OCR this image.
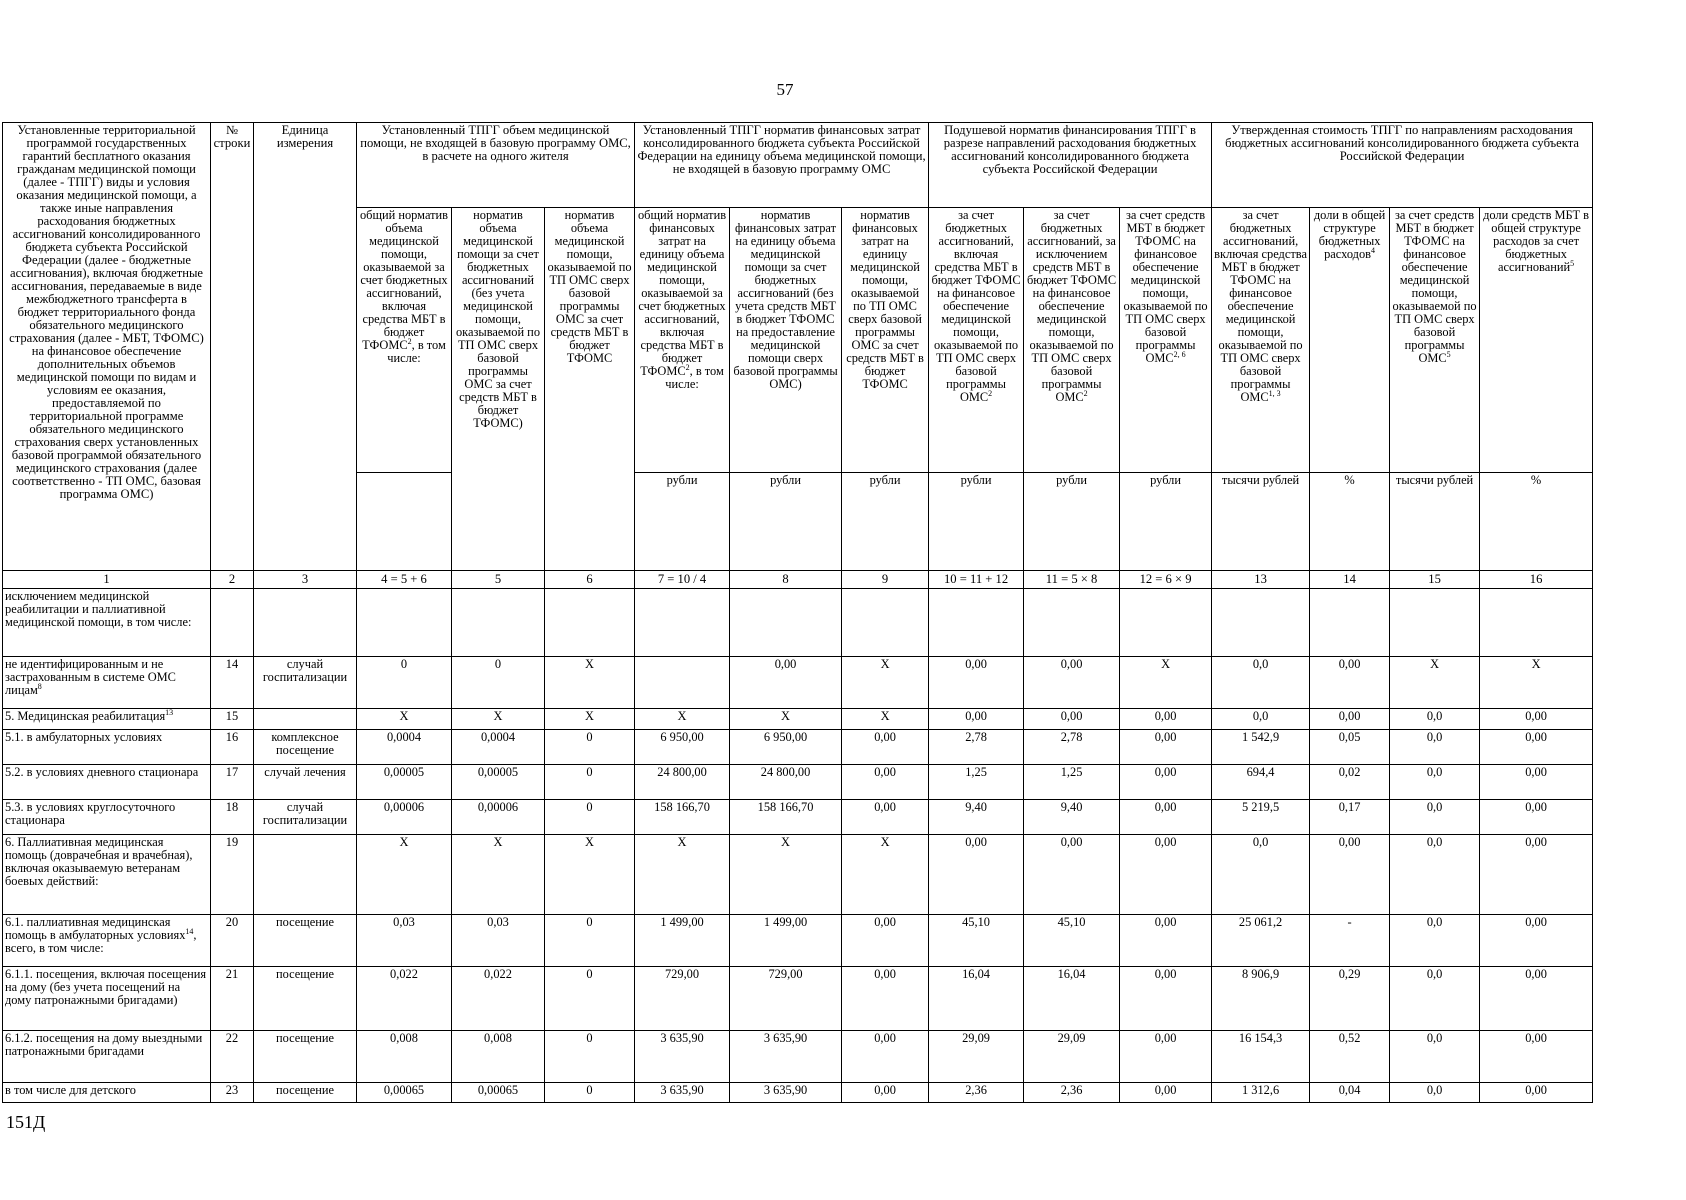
57
Установленные территориальной программой государственных гарантий бесплатного оказания гражданам медицинской помощи (далее - ТПГГ) виды и условия оказания медицинской помощи, а также иные направления расходования бюджетных ассигнований консолидированного бюджета субъекта Российской Федерации (далее - бюджетные ассигнования), включая бюджетные ассигнования, передаваемые в виде межбюджетного трансферта в бюджет территориального фонда обязательного медицинского страхования (далее - МБТ, ТФОМС) на финансовое обеспечение дополнительных объемов медицинской помощи по видам и условиям ее оказания, предоставляемой по территориальной программе обязательного медицинского страхования сверх установленных базовой программой обязательного медицинского страхования (далее соответственно - ТП ОМС, базовая программа ОМС)	№ строки	Единица измерения	Установленный ТПГГ объем медицинской помощи, не входящей в базовую программу ОМС, в расчете на одного жителя			Установленный ТПГГ норматив финансовых затрат консолидированного бюджета субъекта Российской Федерации на единицу объема медицинской помощи, не входящей в базовую программу ОМС			Подушевой норматив финансирования ТПГГ в разрезе направлений расходования бюджетных ассигнований консолидированного бюджета субъекта Российской Федерации			Утвержденная стоимость ТПГГ по направлениям расходования бюджетных ассигнований консолидированного бюджета субъекта Российской Федерации			
			общий норматив объема медицинской помощи, оказываемой за счет бюджетных ассигнований, включая средства МБТ в бюджет ТФОМС$^2$, в том числе:	норматив объема медицинской помощи за счет бюджетных ассигнований (без учета медицинской помощи, оказываемой по ТП ОМС сверх базовой программы ОМС за счет средств МБТ в бюджет ТФОМС)	норматив объема медицинской помощи, оказываемой по ТП ОМС сверх базовой программы ОМС за счет средств МБТ в бюджет ТФОМС	общий норматив финансовых затрат на единицу объема медицинской помощи, оказываемой за счет бюджетных ассигнований, включая средства МБТ в бюджет ТФОМС$^2$, в том числе:	норматив финансовых затрат на единицу объема медицинской помощи за счет бюджетных ассигнований (без учета средств МБТ в бюджет ТФОМС на предоставление медицинской помощи сверх базовой программы ОМС)	норматив финансовых затрат на единицу медицинской помощи, оказываемой по ТП ОМС сверх базовой программы ОМС за счет средств МБТ в бюджет ТФОМС	за счет бюджетных ассигнований, включая средства МБТ в бюджет ТФОМС на финансовое обеспечение медицинской помощи, оказываемой по ТП ОМС сверх базовой программы ОМС$^2$	за счет бюджетных ассигнований, за исключением средств МБТ в бюджет ТФОМС на финансовое обеспечение медицинской помощи, оказываемой по ТП ОМС сверх базовой программы ОМС$^2$	за счет средств МБТ в бюджет ТФОМС на финансовое обеспечение медицинской помощи, оказываемой по ТП ОМС сверх базовой программы ОМС$^{2, 6}$	за счет бюджетных ассигнований, включая средства МБТ в бюджет ТФОМС на финансовое обеспечение медицинской помощи, оказываемой по ТП ОМС сверх базовой программы ОМС$^{1, 3}$	доли в общей структуре бюджетных расходов$^4$	за счет средств МБТ в бюджет ТФОМС на финансовое обеспечение медицинской помощи, оказываемой по ТП ОМС сверх базовой программы ОМС$^5$	доли средств МБТ в общей структуре расходов за счет бюджетных ассигнований$^5$
						рубли	рубли	рубли	рубли	рубли	рубли	тысячи рублей	%	тысячи рублей	%
1	2	3	4 = 5 + 6	5	6	7 = 10 / 4	8	9	10 = 11 + 12	11 = 5 × 8	12 = 6 × 9	13	14	15	16
исключением медицинской реабилитации и паллиативной медицинской помощи, в том числе:															
не идентифицированным и не застрахованным в системе ОМС лицам$^8$	14	случай госпитализации	0	0	X		0,00	X	0,00	0,00	X	0,0	0,00	X	X
5. Медицинская реабилитация$^{13}$	15		X	X	X	X	X	X	0,00	0,00	0,00	0,0	0,00	0,0	0,00
5.1. в амбулаторных условиях	16	комплексное посещение	0,0004	0,0004	0	6 950,00	6 950,00	0,00	2,78	2,78	0,00	1 542,9	0,05	0,0	0,00
5.2. в условиях дневного стационара	17	случай лечения	0,00005	0,00005	0	24 800,00	24 800,00	0,00	1,25	1,25	0,00	694,4	0,02	0,0	0,00
5.3. в условиях круглосуточного стационара	18	случай госпитализации	0,00006	0,00006	0	158 166,70	158 166,70	0,00	9,40	9,40	0,00	5 219,5	0,17	0,0	0,00
6. Паллиативная медицинская помощь (доврачебная и врачебная), включая оказываемую ветеранам боевых действий:	19		X	X	X	X	X	X	0,00	0,00	0,00	0,0	0,00	0,0	0,00
6.1. паллиативная медицинская помощь в амбулаторных условиях$^{14}$, всего, в том числе:	20	посещение	0,03	0,03	0	1 499,00	1 499,00	0,00	45,10	45,10	0,00	25 061,2	-	0,0	0,00
6.1.1. посещения, включая посещения на дому (без учета посещений на дому патронажными бригадами)	21	посещение	0,022	0,022	0	729,00	729,00	0,00	16,04	16,04	0,00	8 906,9	0,29	0,0	0,00
6.1.2. посещения на дому выездными патронажными бригадами	22	посещение	0,008	0,008	0	3 635,90	3 635,90	0,00	29,09	29,09	0,00	16 154,3	0,52	0,0	0,00
в том числе для детского	23	посещение	0,00065	0,00065	0	3 635,90	3 635,90	0,00	2,36	2,36	0,00	1 312,6	0,04	0,0	0,00
151Д
